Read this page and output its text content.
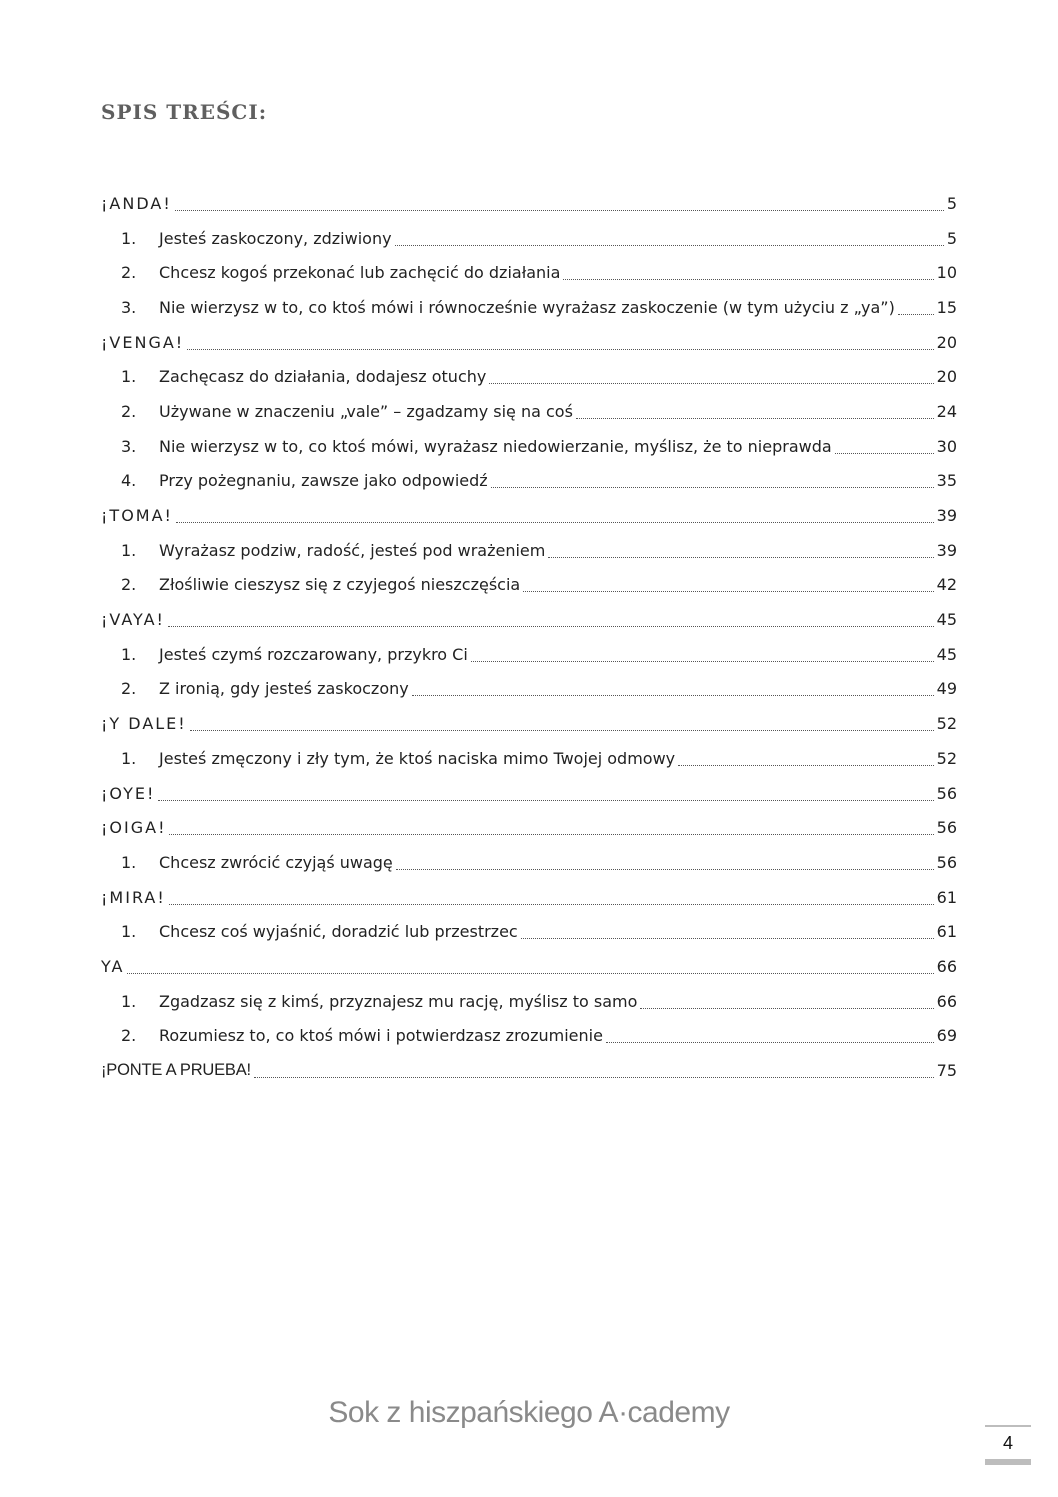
SPIS TREŚCI:
¡ANDA!	5
1.	Jesteś zaskoczony, zdziwiony	5
2.	Chcesz kogoś przekonać lub zachęcić do działania	10
3.	Nie wierzysz w to, co ktoś mówi i równocześnie wyrażasz zaskoczenie (w tym użyciu z „ya”)	15
¡VENGA!	20
1.	Zachęcasz do działania, dodajesz otuchy	20
2.	Używane w znaczeniu „vale” – zgadzamy się na coś	24
3.	Nie wierzysz w to, co ktoś mówi, wyrażasz niedowierzanie, myślisz, że to nieprawda	30
4.	Przy pożegnaniu, zawsze jako odpowiedź	35
¡TOMA!	39
1.	Wyrażasz podziw, radość, jesteś pod wrażeniem	39
2.	Złośliwie cieszysz się z czyjegoś nieszczęścia	42
¡VAYA!	45
1.	Jesteś czymś rozczarowany, przykro Ci	45
2.	Z ironią, gdy jesteś zaskoczony	49
¡Y DALE!	52
1.	Jesteś zmęczony i zły tym, że ktoś naciska mimo Twojej odmowy	52
¡OYE!	56
¡OIGA!	56
1.	Chcesz zwrócić czyjąś uwagę	56
¡MIRA!	61
1.	Chcesz coś wyjaśnić, doradzić lub przestrzec	61
YA	66
1.	Zgadzasz się z kimś, przyznajesz mu rację, myślisz to samo	66
2.	Rozumiesz to, co ktoś mówi i potwierdzasz zrozumienie	69
¡PONTE A PRUEBA!	75
Sok z hiszpańskiego A·cademy
4
